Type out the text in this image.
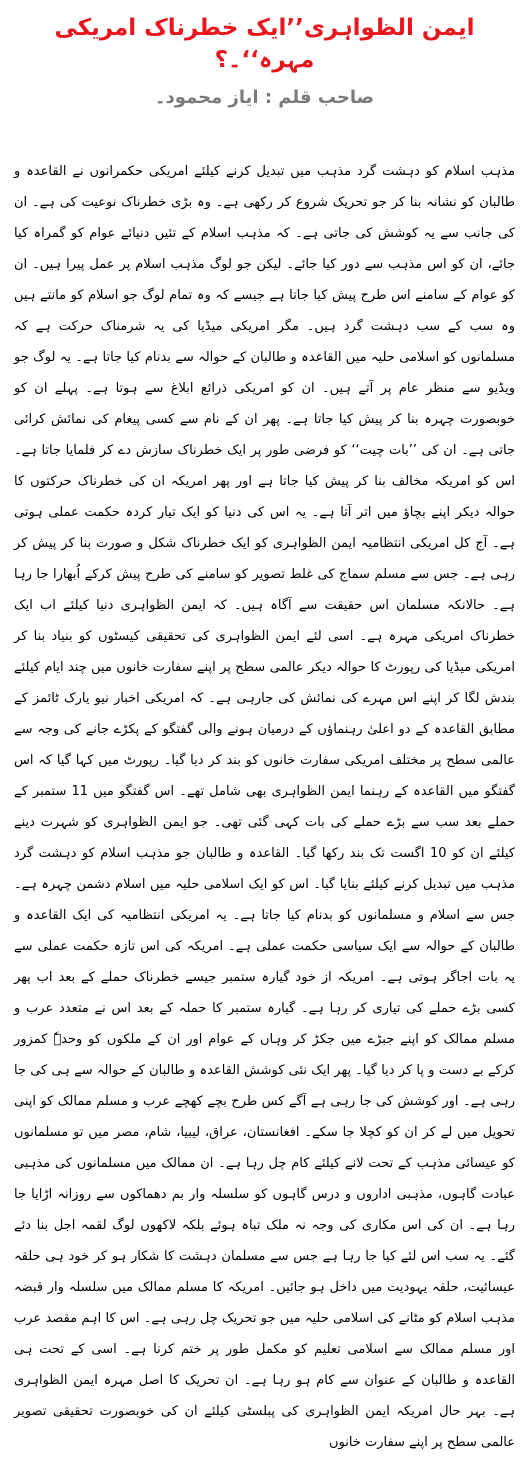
ایمن الظواہری’’ایک خطرناک امریکی مہرہ‘‘۔؟
صاحب قلم : ایاز محمود۔

مذہب اسلام کو دہشت گرد مذہب میں تبدیل کرنے کیلئے امریکی حکمرانوں نے القاعدہ و طالبان کو نشانہ بنا کر جو تحریک شروع کر رکھی ہے۔ وہ بڑی خطرناک نوعیت کی ہے۔ ان کی جانب سے یہ کوشش کی جاتی ہے۔ کہ مذہب اسلام کے تئیں دنیائے عوام کو گمراہ کیا جائے، ان کو اس مذہب سے دور کیا جائے۔ لیکن جو لوگ مذہب اسلام پر عمل پیرا ہیں۔ ان کو عوام کے سامنے اس طرح پیش کیا جاتا ہے جیسے کہ وہ تمام لوگ جو اسلام کو مانتے ہیں وہ سب کے سب دہشت گرد ہیں۔ مگر امریکی میڈیا کی یہ شرمناک حرکت ہے کہ مسلمانوں کو اسلامی حلیہ میں القاعدہ و طالبان کے حوالہ سے بدنام کیا جاتا ہے۔ یہ لوگ جو ویڈیو سے منظر عام پر آتے ہیں۔ ان کو امریکی ذرائع ابلاغ سے ہوتا ہے۔ پہلے ان کو خوبصورت چہرہ بنا کر پیش کیا جاتا ہے۔ پھر ان کے نام سے کسی پیغام کی نمائش کرائی جاتی ہے۔ ان کی ’’بات چیت‘‘ کو فرضی طور پر ایک خطرناک سازش دے کر فلمایا جاتا ہے۔ اس کو امریکہ مخالف بنا کر پیش کیا جاتا ہے اور پھر امریکہ ان کی خطرناک حرکتوں کا حوالہ دیکر اپنے بچاؤ میں اتر آتا ہے۔ یہ اس کی دنیا کو ایک تیار کردہ حکمت عملی ہوتی ہے۔ آج کل امریکی انتظامیہ ایمن الظواہری کو ایک خطرناک شکل و صورت بنا کر پیش کر رہی ہے۔ جس سے مسلم سماج کی غلط تصویر کو سامنے کی طرح پیش کرکے اُبھارا جا رہا ہے۔ حالانکہ مسلمان اس حقیقت سے آگاہ ہیں۔ کہ ایمن الظواہری دنیا کیلئے اب ایک خطرناک امریکی مہرہ ہے۔ اسی لئے ایمن الظواہری کی تحقیقی کیسٹوں کو بنیاد بنا کر امریکی میڈیا کی رپورٹ کا حوالہ دیکر عالمی سطح پر اپنے سفارت خانوں میں چند ایام کیلئے بندش لگا کر اپنے اس مہرے کی نمائش کی جارہی ہے۔ کہ امریکی اخبار نیو یارک ٹائمز کے مطابق القاعدہ کے دو اعلیٰ رہنماؤں کے درمیان ہونے والی گفتگو کے پکڑے جانے کی وجہ سے عالمی سطح پر مختلف امریکی سفارت خانوں کو بند کر دیا گیا۔ رپورٹ میں کہا گیا کہ اس گفتگو میں القاعدہ کے رہنما ایمن الظواہری بھی شامل تھے۔ اس گفتگو میں 11 ستمبر کے حملے بعد سب سے بڑے حملے کی بات کہی گئی تھی۔ جو ایمن الظواہری کو شہرت دینے کیلئے ان کو 10 اگست تک بند رکھا گیا۔ القاعدہ و طالبان جو مذہب اسلام کو دہشت گرد مذہب میں تبدیل کرنے کیلئے بنایا گیا۔ اس کو ایک اسلامی حلیہ میں اسلام دشمن چہرہ ہے۔ جس سے اسلام و مسلمانوں کو بدنام کیا جاتا ہے۔ یہ امریکی انتظامیہ کی ایک القاعدہ و طالبان کے حوالہ سے ایک سیاسی حکمت عملی ہے۔ امریکہ کی اس تازہ حکمت عملی سے یہ بات اجاگر ہوتی ہے۔ امریکہ از خود گیارہ ستمبر جیسے خطرناک حملے کے بعد اب پھر کسی بڑے حملے کی تیاری کر رہا ہے۔ گیارہ ستمبر کا حملہ کے بعد اس نے متعدد عرب و مسلم ممالک کو اپنے جبڑے میں جکڑ کر وہاں کے عوام اور ان کے ملکوں کو وحدہٗ کمزور کرکے بے دست و پا کر دیا گیا۔ پھر ایک نئی کوشش القاعدہ و طالبان کے حوالہ سے ہی کی جا رہی ہے۔ اور کوشش کی جا رہی ہے آگے کس طرح بچے کھچے عرب و مسلم ممالک کو اپنی تحویل میں لے کر ان کو کچلا جا سکے۔ افغانستان، عراق، لیبیا، شام، مصر میں تو مسلمانوں کو عیسائی مذہب کے تحت لانے کیلئے کام چل رہا ہے۔ ان ممالک میں مسلمانوں کی مذہبی عبادت گاہوں، مذہبی اداروں و درس گاہوں کو سلسلہ وار بم دھماکوں سے روزانہ اڑایا جا رہا ہے۔ ان کی اس مکاری کی وجہ نہ ملک تباہ ہوئے بلکہ لاکھوں لوگ لقمہ اجل بنا دئے گئے۔ یہ سب اس لئے کیا جا رہا ہے جس سے مسلمان دہشت کا شکار ہو کر خود ہی حلقہ عیسائیت، حلقہ یہودیت میں داخل ہو جائیں۔ امریکہ کا مسلم ممالک میں سلسلہ وار قبضہ مذہب اسلام کو مٹانے کی اسلامی حلیہ میں جو تحریک چل رہی ہے۔ اس کا اہم مقصد عرب اور مسلم ممالک سے اسلامی تعلیم کو مکمل طور پر ختم کرنا ہے۔ اسی کے تحت ہی القاعدہ و طالبان کے عنوان سے کام ہو رہا ہے۔ ان تحریک کا اصل مہرہ ایمن الظواہری ہے۔ بہر حال امریکہ ایمن الظواہری کی پبلسٹی کیلئے ان کی خوبصورت تحقیقی تصویر عالمی سطح پر اپنے سفارت خانوں
